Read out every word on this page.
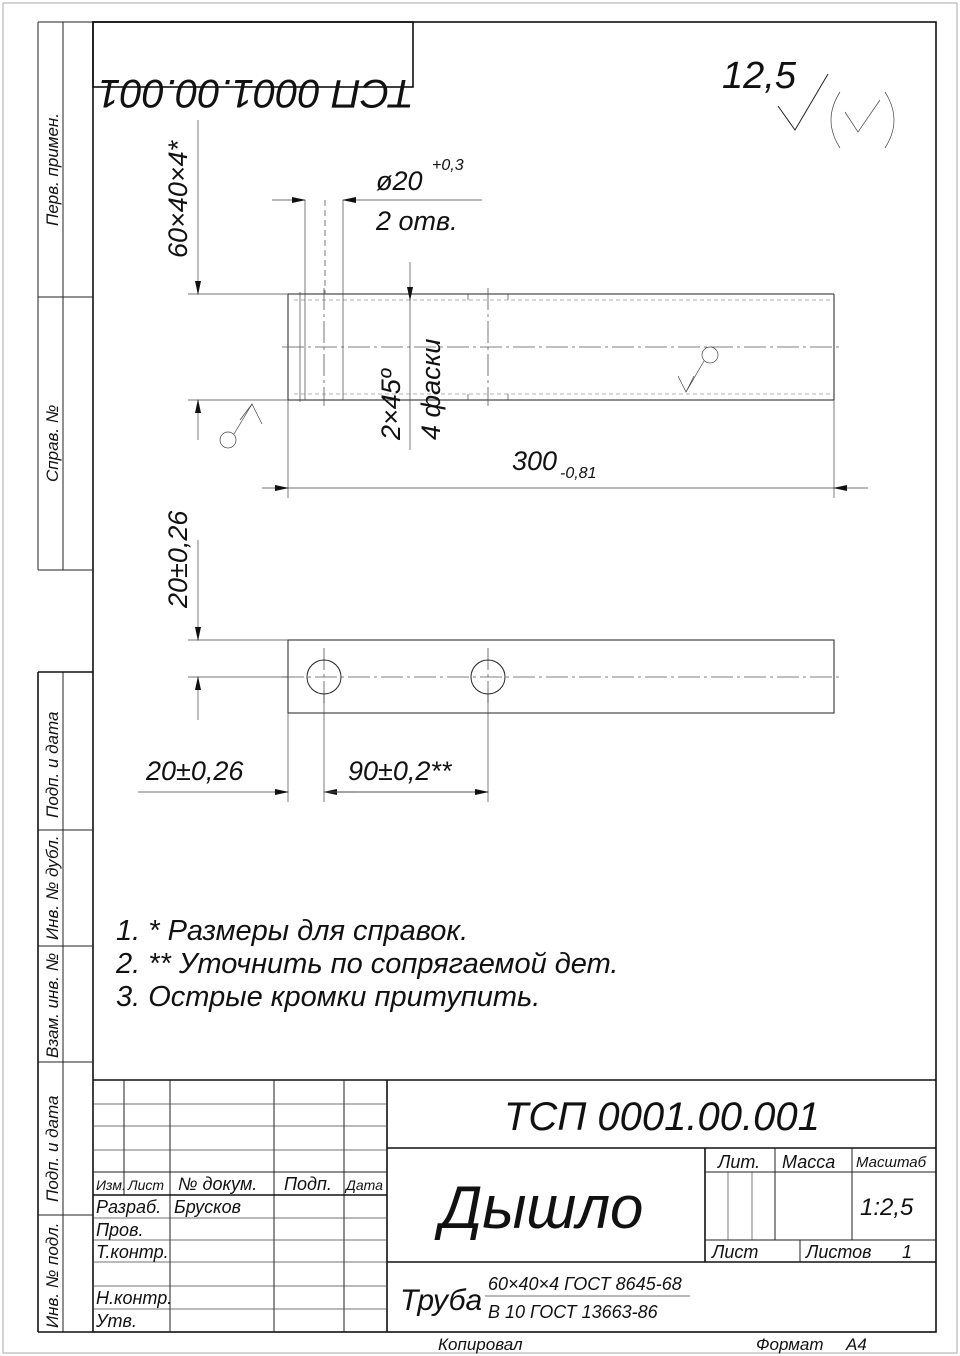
Перв. примен.
Справ. №
Подп. и дата
Инв. № дубл.
Взам. инв. №
Подп. и дата
Инв. № подл.
ТСП 0001.00.001	12,5
60×40×4*	ø20
+0,3
2 отв.
2×45º 4 фаски
300 -0,81
20±0,26
20±0,26	90±0,2**
1. * Размеры для справок.
2. ** Уточнить по сопрягаемой дет.
3. Острые кромки притупить.
ТСП 0001.00.001
Дышло
Труба 60×40×4 ГОСТ 8645-68
В 10 ГОСТ 13663-86
Изм. Лист № докум. Подп. Дата
Разраб. Брусков
Пров.
Т.контр.
Н.контр.
Утв.
Лит. Масса Масштаб
1:2,5
Лист	Листов 1
Копировал	Формат А4
